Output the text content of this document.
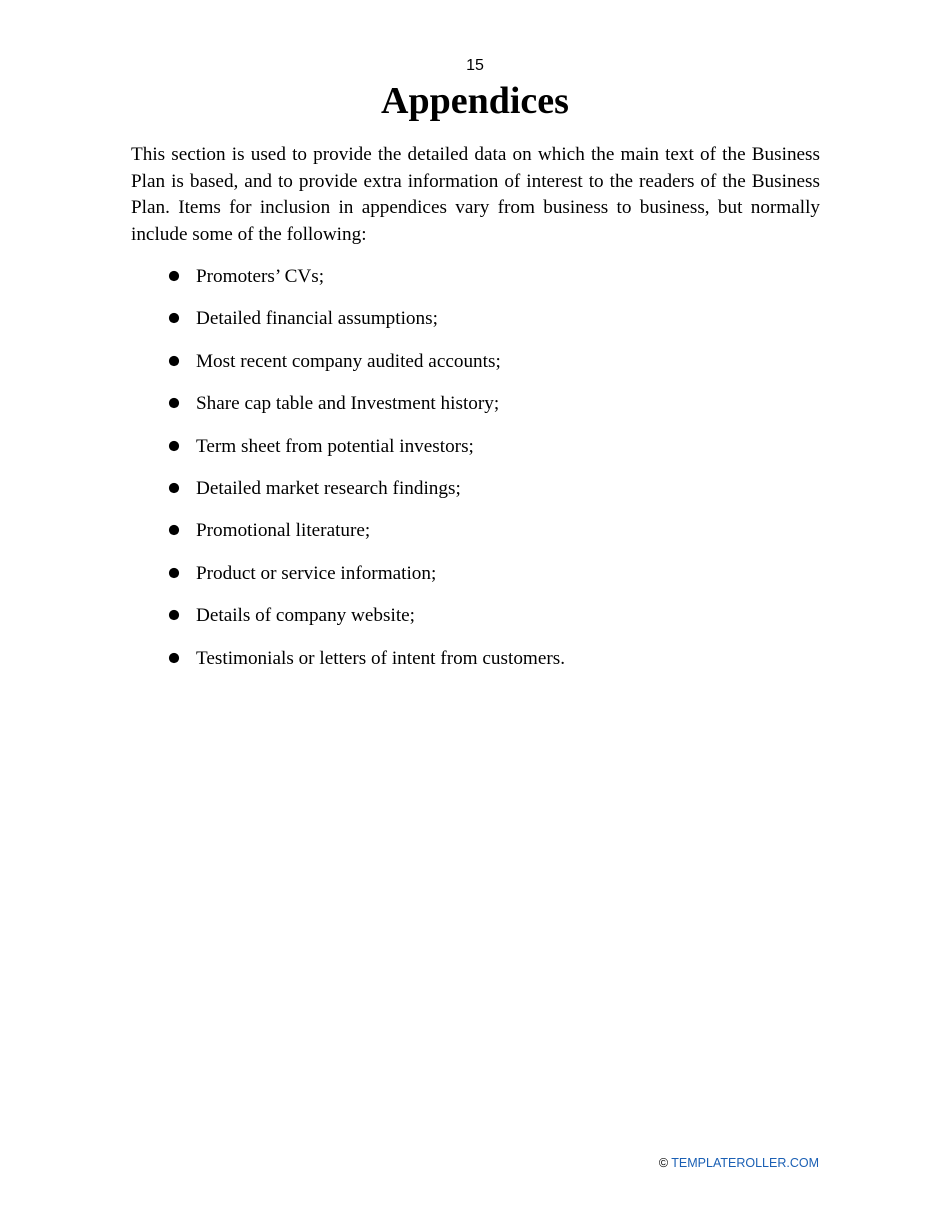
15
Appendices

This section is used to provide the detailed data on which the main text of the Business Plan is based, and to provide extra information of interest to the readers of the Business Plan. Items for inclusion in appendices vary from business to business, but normally include some of the following:

Promoters’ CVs;
Detailed financial assumptions;
Most recent company audited accounts;
Share cap table and Investment history;
Term sheet from potential investors;
Detailed market research findings;
Promotional literature;
Product or service information;
Details of company website;
Testimonials or letters of intent from customers.
© TEMPLATEROLLER.COM
